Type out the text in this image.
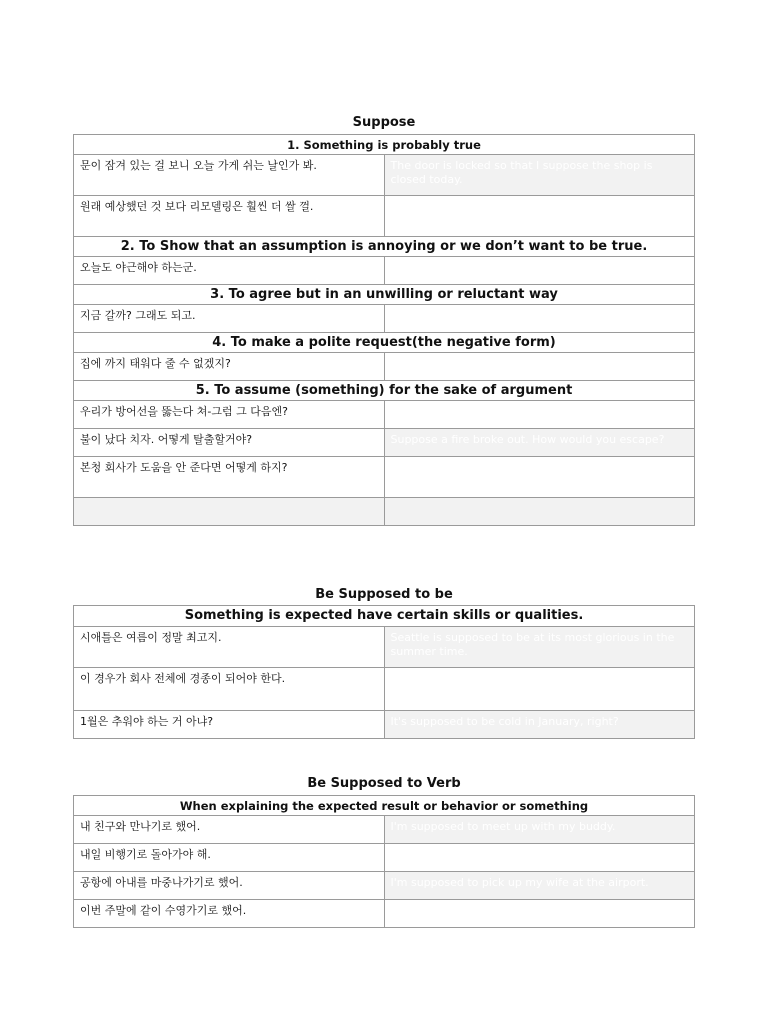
Suppose
1. Something is probably true	
문이 잠겨 있는 걸 보니 오늘 가게 쉬는 날인가 봐.	The door is locked so that I suppose the shop is closed today.
원래 예상했던 것 보다 리모델링은 훨씬 더 쌀 껄.	
2. To Show that an assumption is annoying or we don’t want to be true.	
오늘도 야근해야 하는군.	
3. To agree but in an unwilling or reluctant way	
지금 갈까? 그래도 되고.	
4. To make a polite request(the negative form)	
집에 까지 태워다 줄 수 없겠지?	
5. To assume (something) for the sake of argument	
우리가 방어선을 뚫는다 쳐-그럼 그 다음엔?	
불이 났다 치자. 어떻게 탈출할거야?	Suppose a fire broke out. How would you escape?
본청 회사가 도움을 안 준다면 어떻게 하지?	

Be Supposed to be
Something is expected have certain skills or qualities.	
시애틀은 여름이 정말 최고지.	Seattle is supposed to be at its most glorious in the summer time.
이 경우가 회사 전체에 경종이 되어야 한다.	
1월은 추워야 하는 거 아냐?	It's supposed to be cold in January, right?
Be Supposed to Verb
When explaining the expected result or behavior or something	
내 친구와 만나기로 했어.	I'm supposed to meet up with my buddy.
내일 비행기로 돌아가야 해.	
공항에 아내를 마중나가기로 했어.	I'm supposed to pick up my wife at the airport.
이번 주말에 같이 수영가기로 했어.	
